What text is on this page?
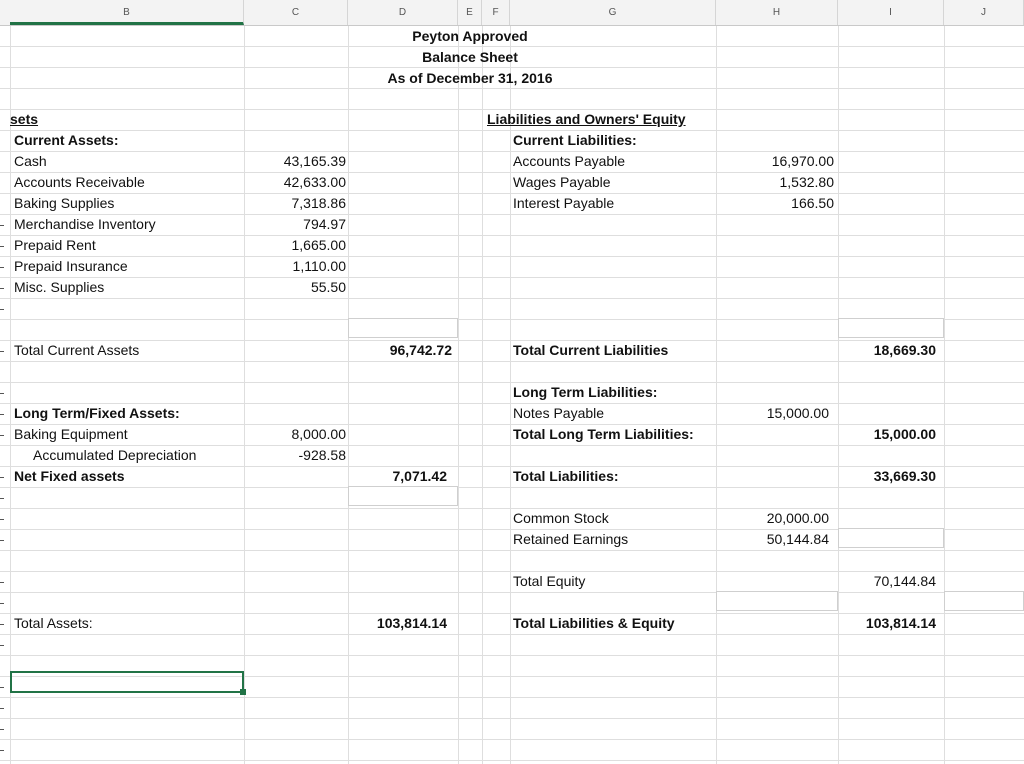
B	C	D	E	F	G	H	I	J
Peyton Approved
Balance Sheet
As of December 31, 2016
sets
Current Assets:
Cash	43,165.39
Accounts Receivable	42,633.00
Baking Supplies	7,318.86
Merchandise Inventory	794.97
Prepaid Rent	1,665.00
Prepaid Insurance	1,110.00
Misc. Supplies	55.50
Total Current Assets	96,742.72
Long Term/Fixed Assets:
Baking Equipment	8,000.00
Accumulated Depreciation	-928.58
Net Fixed assets	7,071.42
Total Assets:	103,814.14
Liabilities and Owners' Equity
Current Liabilities:
Accounts Payable	16,970.00
Wages Payable	1,532.80
Interest Payable	166.50
Total Current Liabilities	18,669.30
Long Term Liabilities:
Notes Payable	15,000.00
Total Long Term Liabilities:	15,000.00
Total Liabilities:	33,669.30
Common Stock	20,000.00
Retained Earnings	50,144.84
Total Equity	70,144.84
Total Liabilities & Equity	103,814.14
